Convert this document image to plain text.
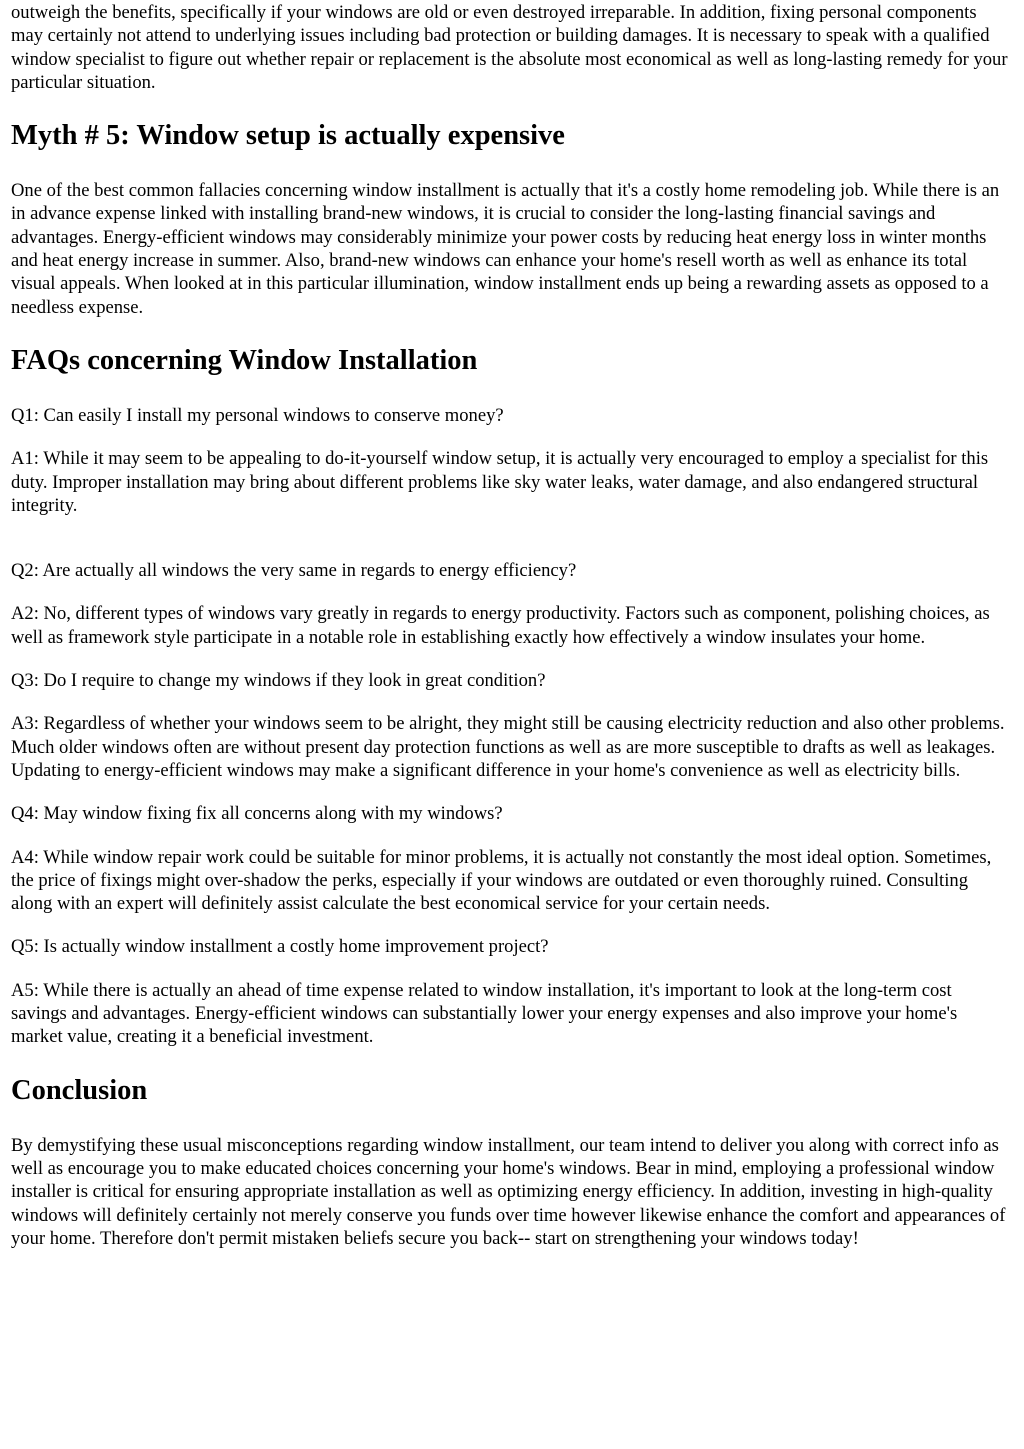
outweigh the benefits, specifically if your windows are old or even destroyed irreparable. In addition, fixing personal components may certainly not attend to underlying issues including bad protection or building damages. It is necessary to speak with a qualified window specialist to figure out whether repair or replacement is the absolute most economical as well as long-lasting remedy for your particular situation.

Myth # 5: Window setup is actually expensive

One of the best common fallacies concerning window installment is actually that it's a costly home remodeling job. While there is an in advance expense linked with installing brand-new windows, it is crucial to consider the long-lasting financial savings and advantages. Energy-efficient windows may considerably minimize your power costs by reducing heat energy loss in winter months and heat energy increase in summer. Also, brand-new windows can enhance your home's resell worth as well as enhance its total visual appeals. When looked at in this particular illumination, window installment ends up being a rewarding assets as opposed to a needless expense.

FAQs concerning Window Installation

Q1: Can easily I install my personal windows to conserve money?

A1: While it may seem to be appealing to do-it-yourself window setup, it is actually very encouraged to employ a specialist for this duty. Improper installation may bring about different problems like sky water leaks, water damage, and also endangered structural integrity.

Q2: Are actually all windows the very same in regards to energy efficiency?

A2: No, different types of windows vary greatly in regards to energy productivity. Factors such as component, polishing choices, as well as framework style participate in a notable role in establishing exactly how effectively a window insulates your home.

Q3: Do I require to change my windows if they look in great condition?

A3: Regardless of whether your windows seem to be alright, they might still be causing electricity reduction and also other problems. Much older windows often are without present day protection functions as well as are more susceptible to drafts as well as leakages. Updating to energy-efficient windows may make a significant difference in your home's convenience as well as electricity bills.

Q4: May window fixing fix all concerns along with my windows?

A4: While window repair work could be suitable for minor problems, it is actually not constantly the most ideal option. Sometimes, the price of fixings might over-shadow the perks, especially if your windows are outdated or even thoroughly ruined. Consulting along with an expert will definitely assist calculate the best economical service for your certain needs.

Q5: Is actually window installment a costly home improvement project?

A5: While there is actually an ahead of time expense related to window installation, it's important to look at the long-term cost savings and advantages. Energy-efficient windows can substantially lower your energy expenses and also improve your home's market value, creating it a beneficial investment.

Conclusion

By demystifying these usual misconceptions regarding window installment, our team intend to deliver you along with correct info as well as encourage you to make educated choices concerning your home's windows. Bear in mind, employing a professional window installer is critical for ensuring appropriate installation as well as optimizing energy efficiency. In addition, investing in high-quality windows will definitely certainly not merely conserve you funds over time however likewise enhance the comfort and appearances of your home. Therefore don't permit mistaken beliefs secure you back-- start on strengthening your windows today!
